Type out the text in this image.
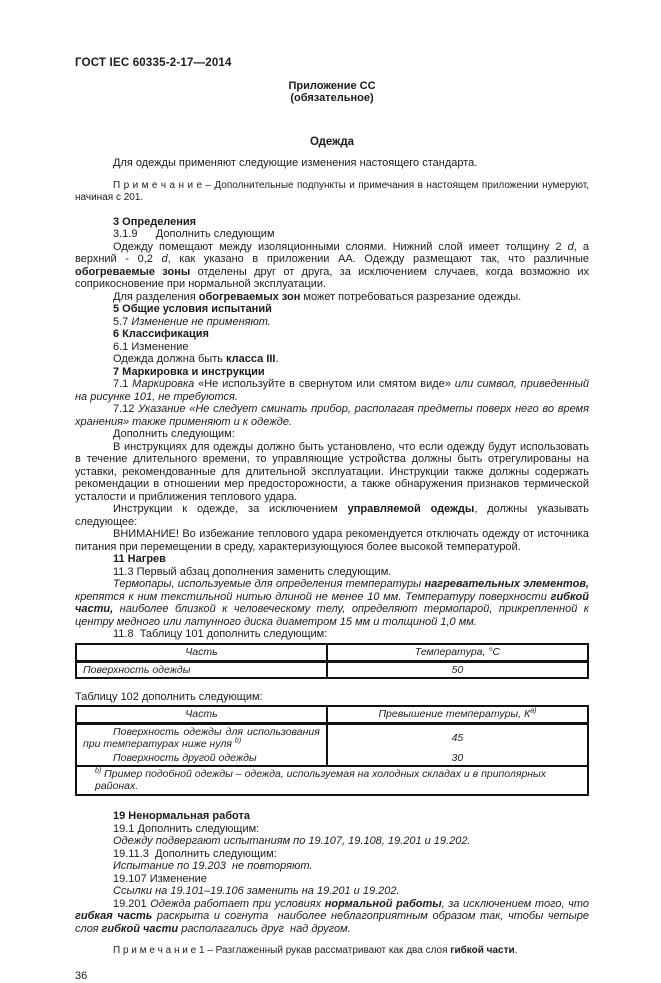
ГОСТ IEC 60335-2-17—2014

Приложение СС

(обязательное)

Одежда

Для одежды применяют следующие изменения настоящего стандарта.

П р и м е ч а н и е – Дополнительные подпункты и примечания в настоящем приложении нумеруют, начиная с 201.

3 Определения

3.1.9      Дополнить следующим

Одежду помещают между изоляционными слоями. Нижний слой имеет толщину 2 d, а верхний - 0,2 d, как указано в приложении АА. Одежду размещают так, что различные обогреваемые зоны отделены друг от друга, за исключением случаев, когда возможно их соприкосновение при нормальной эксплуатации.

Для разделения обогреваемых зон может потребоваться разрезание одежды.

5 Общие условия испытаний

5.7 Изменение не применяют.

6 Классификация

6.1 Изменение

Одежда должна быть класса III.

7 Маркировка и инструкции

7.1 Маркировка «Не используйте в свернутом или смятом виде» или символ, приведенный на рисунке 101, не требуются.

7.12 Указание «Не следует сминать прибор, располагая предметы поверх него во время хранения» также применяют и к одежде.

Дополнить следующим:

В инструкциях для одежды должно быть установлено, что если одежду будут использовать в течение длительного времени, то управляющие устройства должны быть отрегулированы на уставки, рекомендованные для длительной эксплуатации. Инструкции также должны содержать рекомендации в отношении мер предосторожности, а также обнаружения признаков термической усталости и приближения теплового удара.

Инструкции к одежде, за исключением управляемой одежды, должны указывать следующее:

ВНИМАНИЕ! Во избежание теплового удара рекомендуется отключать одежду от источника питания при перемещении в среду, характеризующуюся более высокой температурой.

11 Нагрев

11.3 Первый абзац дополнения заменить следующим.

Термопары, используемые для определения температуры нагревательных элементов, крепятся к ним текстильной нитью длиной не менее 10 мм. Температуру поверхности гибкой части, наиболее близкой к человеческому телу, определяют термопарой, прикрепленной к центру медного или латунного диска диаметром 15 мм и толщиной 1,0 мм.

11.8  Таблицу 101 дополнить следующим:

Часть	Температура, °С
Поверхность одежды	50

Таблицу 102 дополнить следующим:

Часть	Превышение температуры, $К^{а)}$
Поверхность одежды для использования при температурах ниже нуля $^{b)}$	45
Поверхность другой одежды	30
$^{b)}$ Пример подобной одежды – одежда, используемая на холодных складах и в приполярных районах.	

19 Ненормальная работа

19.1 Дополнить следующим:

Одежду подвергают испытаниям по 19.107, 19.108, 19.201 и 19.202.

19.11.3  Дополнить следующим:

Испытание по 19.203  не повторяют.

19.107 Изменение

Ссылки на 19.101–19.106 заменить на 19.201 и 19.202.

19.201 Одежда работает при условиях нормальной работы, за исключением того, что гибкая часть раскрыта и согнута  наиболее неблагоприятным образом так, чтобы четыре слоя гибкой части располагались друг  над другом.

П р и м е ч а н и е 1 – Разглаженный рукав рассматривают как два слоя гибкой части.

36
